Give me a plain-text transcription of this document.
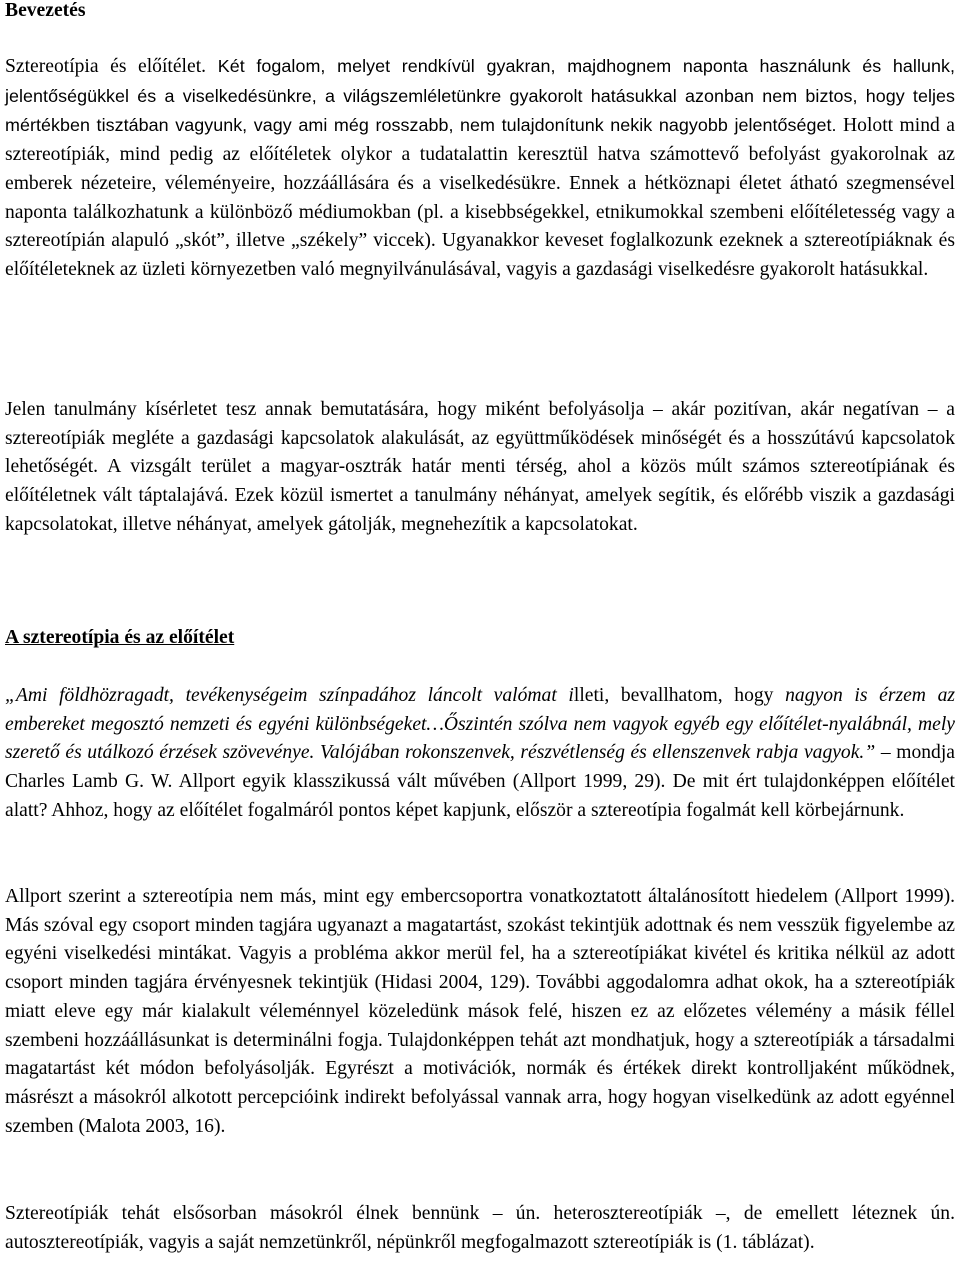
Bevezetés

Sztereotípia és előítélet. Két fogalom, melyet rendkívül gyakran, majdhognem naponta használunk és hallunk, jelentőségükkel és a viselkedésünkre, a világszemléletünkre gyakorolt hatásukkal azonban nem biztos, hogy teljes mértékben tisztában vagyunk, vagy ami még rosszabb, nem tulajdonítunk nekik nagyobb jelentőséget. Holott mind a sztereotípiák, mind pedig az előítéletek olykor a tudatalattin keresztül hatva számottevő befolyást gyakorolnak az emberek nézeteire, véleményeire, hozzáállására és a viselkedésükre. Ennek a hétköznapi életet átható szegmensével naponta találkozhatunk a különböző médiumokban (pl. a kisebbségekkel, etnikumokkal szembeni előítéletesség vagy a sztereotípián alapuló „skót”, illetve „székely” viccek). Ugyanakkor keveset foglalkozunk ezeknek a sztereotípiáknak és előítéleteknek az üzleti környezetben való megnyilvánulásával, vagyis a gazdasági viselkedésre gyakorolt hatásukkal.

Jelen tanulmány kísérletet tesz annak bemutatására, hogy miként befolyásolja – akár pozitívan, akár negatívan – a sztereotípiák megléte a gazdasági kapcsolatok alakulását, az együttműködések minőségét és a hosszútávú kapcsolatok lehetőségét. A vizsgált terület a magyar-osztrák határ menti térség, ahol a közös múlt számos sztereotípiának és előítéletnek vált táptalajává. Ezek közül ismertet a tanulmány néhányat, amelyek segítik, és előrébb viszik a gazdasági kapcsolatokat, illetve néhányat, amelyek gátolják, megnehezítik a kapcsolatokat.

A sztereotípia és az előítélet

„Ami földhözragadt, tevékenységeim színpadához láncolt valómat illeti, bevallhatom, hogy nagyon is érzem az embereket megosztó nemzeti és egyéni különbségeket…Őszintén szólva nem vagyok egyéb egy előítélet-nyalábnál, mely szerető és utálkozó érzések szövevénye. Valójában rokonszenvek, részvétlenség és ellenszenvek rabja vagyok.” – mondja Charles Lamb G. W. Allport egyik klasszikussá vált művében (Allport 1999, 29). De mit ért tulajdonképpen előítélet alatt? Ahhoz, hogy az előítélet fogalmáról pontos képet kapjunk, először a sztereotípia fogalmát kell körbejárnunk.

Allport szerint a sztereotípia nem más, mint egy embercsoportra vonatkoztatott általánosított hiedelem (Allport 1999). Más szóval egy csoport minden tagjára ugyanazt a magatartást, szokást tekintjük adottnak és nem vesszük figyelembe az egyéni viselkedési mintákat. Vagyis a probléma akkor merül fel, ha a sztereotípiákat kivétel és kritika nélkül az adott csoport minden tagjára érvényesnek tekintjük (Hidasi 2004, 129). További aggodalomra adhat okok, ha a sztereotípiák miatt eleve egy már kialakult véleménnyel közeledünk mások felé, hiszen ez az előzetes vélemény a másik féllel szembeni hozzáállásunkat is determinálni fogja. Tulajdonképpen tehát azt mondhatjuk, hogy a sztereotípiák a társadalmi magatartást két módon befolyásolják. Egyrészt a motivációk, normák és értékek direkt kontrolljaként működnek, másrészt a másokról alkotott percepcióink indirekt befolyással vannak arra, hogy hogyan viselkedünk az adott egyénnel szemben (Malota 2003, 16).

Sztereotípiák tehát elsősorban másokról élnek bennünk – ún. heterosztereotípiák –, de emellett léteznek ún. autosztereotípiák, vagyis a saját nemzetünkről, népünkről megfogalmazott sztereotípiák is (1. táblázat).
